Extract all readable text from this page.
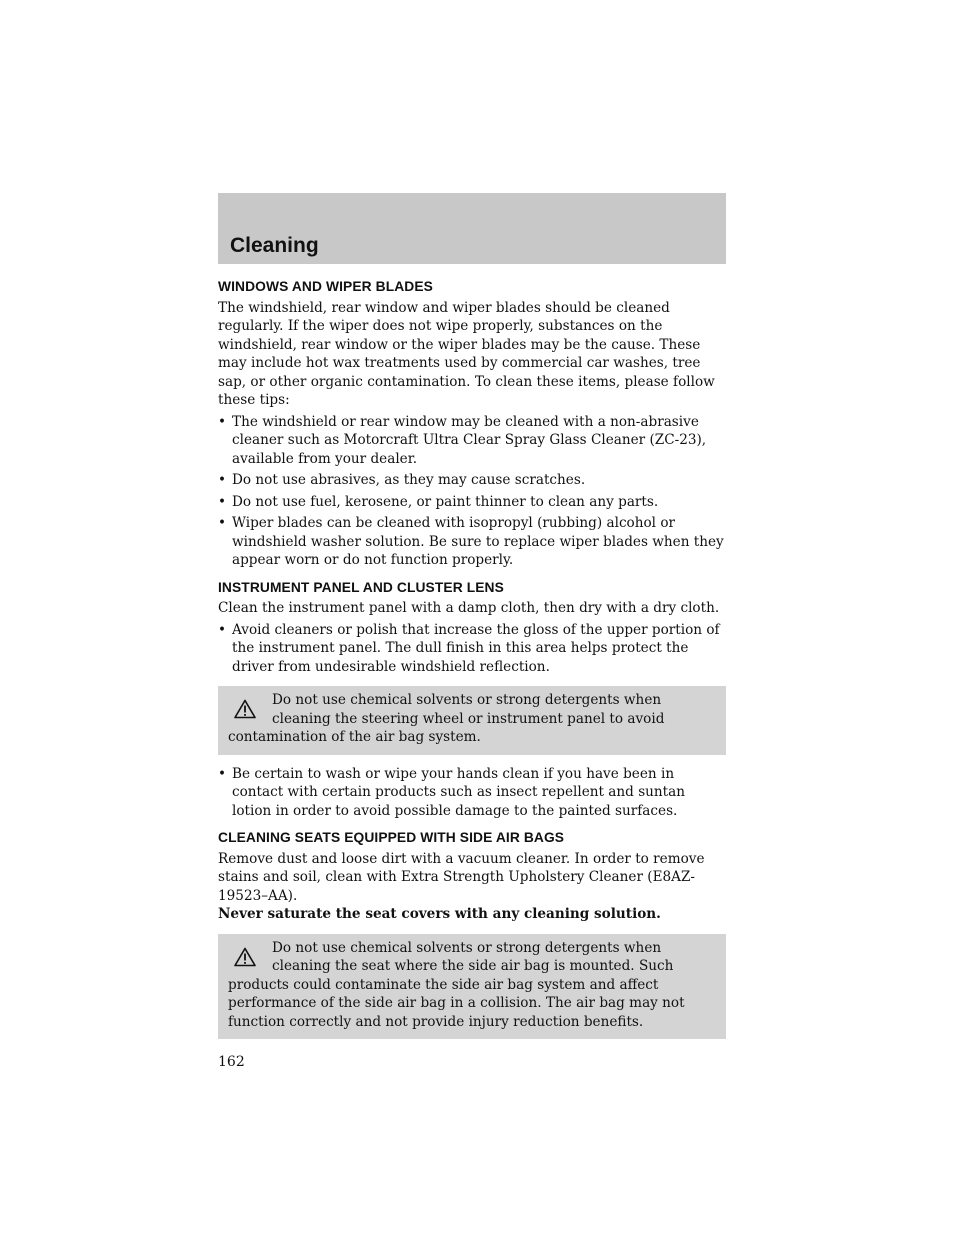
Cleaning
WINDOWS AND WIPER BLADES

The windshield, rear window and wiper blades should be cleaned regularly. If the wiper does not wipe properly, substances on the windshield, rear window or the wiper blades may be the cause. These may include hot wax treatments used by commercial car washes, tree sap, or other organic contamination. To clean these items, please follow these tips:

• The windshield or rear window may be cleaned with a non-abrasive cleaner such as Motorcraft Ultra Clear Spray Glass Cleaner (ZC-23), available from your dealer.
• Do not use abrasives, as they may cause scratches.
• Do not use fuel, kerosene, or paint thinner to clean any parts.
• Wiper blades can be cleaned with isopropyl (rubbing) alcohol or windshield washer solution. Be sure to replace wiper blades when they appear worn or do not function properly.
INSTRUMENT PANEL AND CLUSTER LENS

Clean the instrument panel with a damp cloth, then dry with a dry cloth.

• Avoid cleaners or polish that increase the gloss of the upper portion of the instrument panel. The dull finish in this area helps protect the driver from undesirable windshield reflection.

Do not use chemical solvents or strong detergents when cleaning the steering wheel or instrument panel to avoid contamination of the air bag system.

• Be certain to wash or wipe your hands clean if you have been in contact with certain products such as insect repellent and suntan lotion in order to avoid possible damage to the painted surfaces.
CLEANING SEATS EQUIPPED WITH SIDE AIR BAGS

Remove dust and loose dirt with a vacuum cleaner. In order to remove stains and soil, clean with Extra Strength Upholstery Cleaner (E8AZ-19523–AA).

Never saturate the seat covers with any cleaning solution.

Do not use chemical solvents or strong detergents when cleaning the seat where the side air bag is mounted. Such products could contaminate the side air bag system and affect performance of the side air bag in a collision. The air bag may not function correctly and not provide injury reduction benefits.

162
